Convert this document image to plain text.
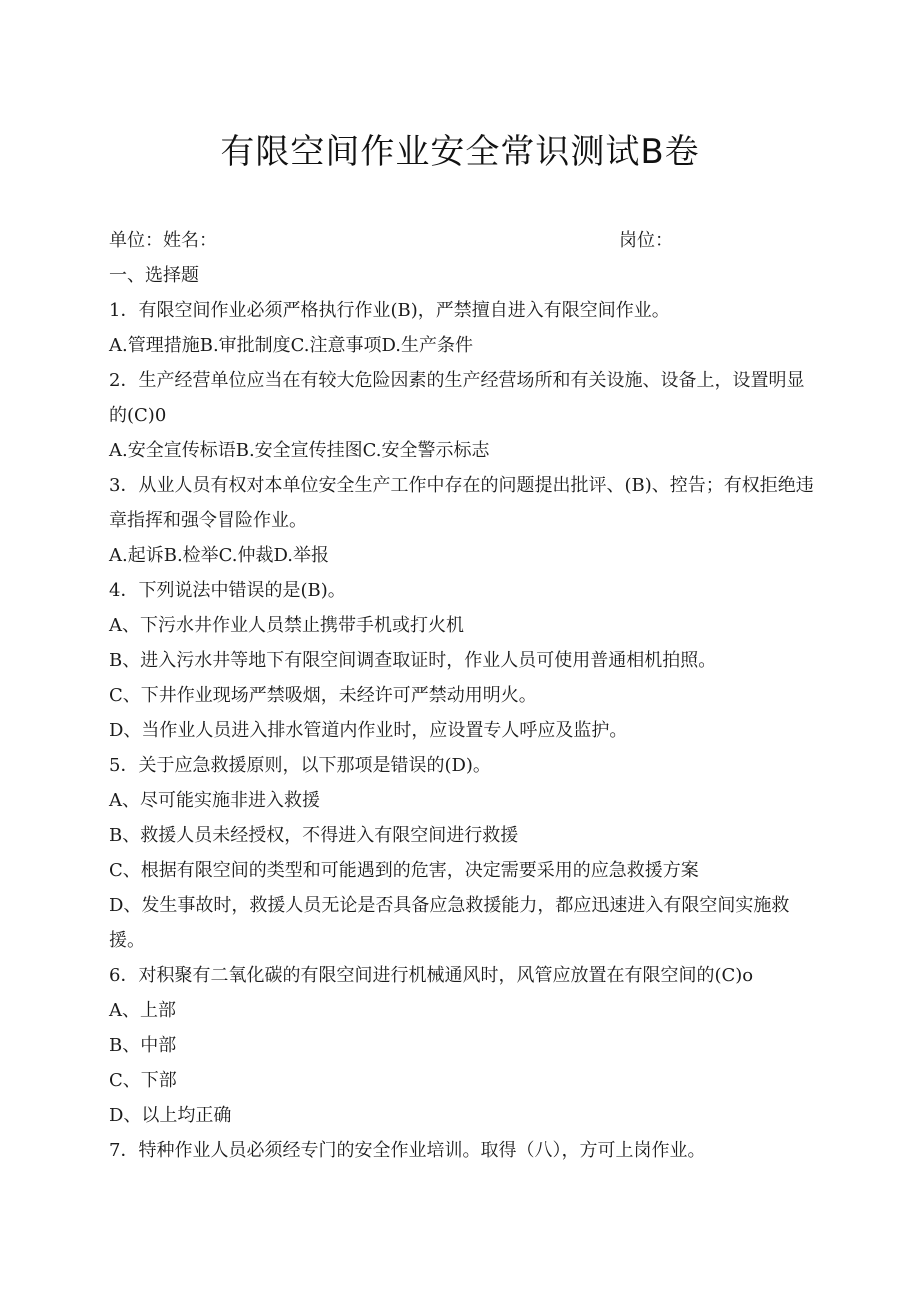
有限空间作业安全常识测试B卷
单位：姓名：	岗位：
一、选择题
1．有限空间作业必须严格执行作业(B)，严禁擅自进入有限空间作业。
A.管理措施B.审批制度C.注意事项D.生产条件
2．生产经营单位应当在有较大危险因素的生产经营场所和有关设施、设备上，设置明显的(C)0
A.安全宣传标语B.安全宣传挂图C.安全警示标志
3．从业人员有权对本单位安全生产工作中存在的问题提出批评、(B)、控告；有权拒绝违章指挥和强令冒险作业。
A.起诉B.检举C.仲裁D.举报
4．下列说法中错误的是(B)。
A、下污水井作业人员禁止携带手机或打火机
B、进入污水井等地下有限空间调查取证时，作业人员可使用普通相机拍照。
C、下井作业现场严禁吸烟，未经许可严禁动用明火。
D、当作业人员进入排水管道内作业时，应设置专人呼应及监护。
5．关于应急救援原则，以下那项是错误的(D)。
A、尽可能实施非进入救援
B、救援人员未经授权，不得进入有限空间进行救援
C、根据有限空间的类型和可能遇到的危害，决定需要采用的应急救援方案
D、发生事故时，救援人员无论是否具备应急救援能力，都应迅速进入有限空间实施救援。
6．对积聚有二氧化碳的有限空间进行机械通风时，风管应放置在有限空间的(C)o
A、上部
B、中部
C、下部
D、以上均正确
7．特种作业人员必须经专门的安全作业培训。取得（八），方可上岗作业。
